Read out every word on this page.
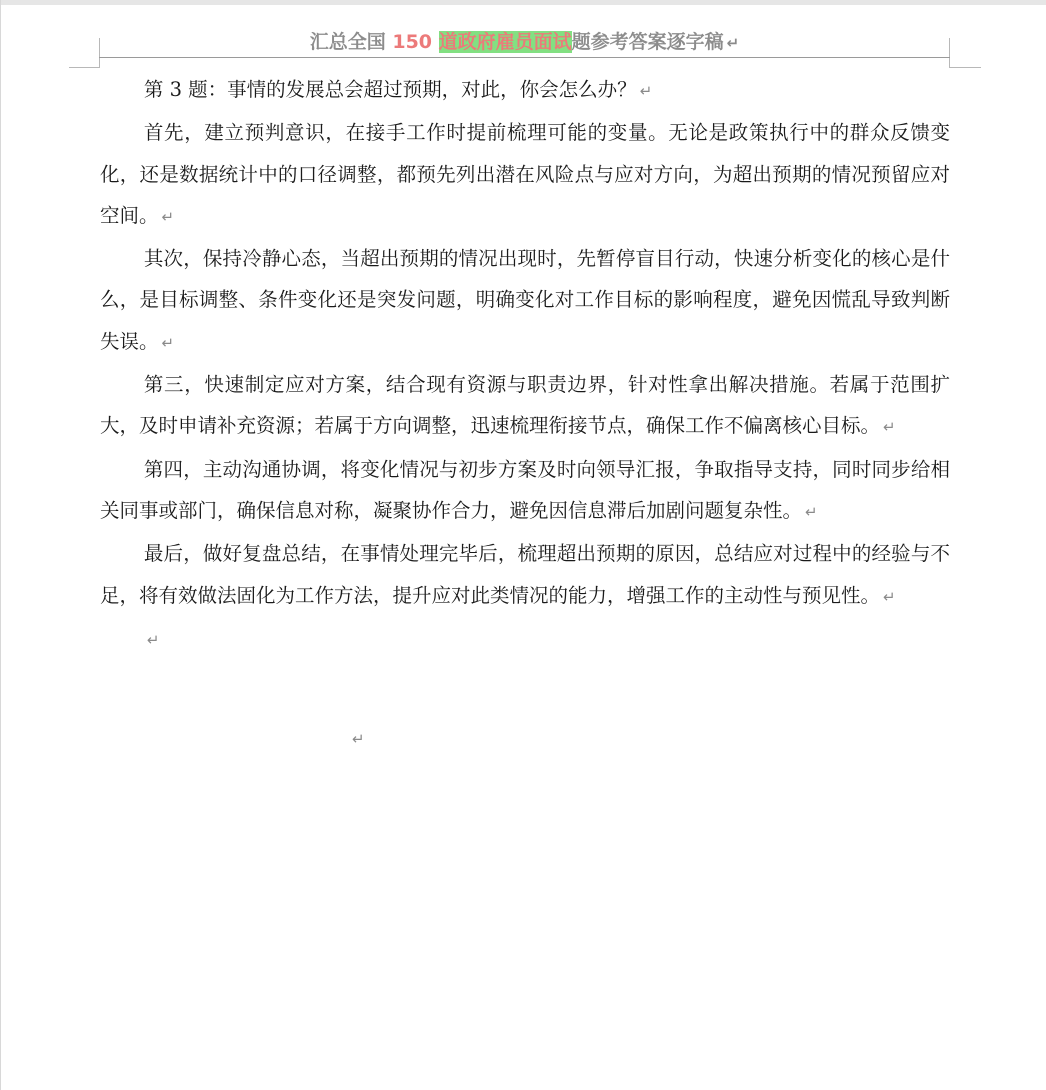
汇总全国 150 道政府雇员面试题参考答案逐字稿 ↵

第 3 题：事情的发展总会超过预期，对此，你会怎么办？ ↵

首先，建立预判意识，在接手工作时提前梳理可能的变量。无论是政策执行中的群众反馈变化，还是数据统计中的口径调整，都预先列出潜在风险点与应对方向，为超出预期的情况预留应对空间。 ↵

其次，保持冷静心态，当超出预期的情况出现时，先暂停盲目行动，快速分析变化的核心是什么，是目标调整、条件变化还是突发问题，明确变化对工作目标的影响程度，避免因慌乱导致判断失误。 ↵

第三，快速制定应对方案，结合现有资源与职责边界，针对性拿出解决措施。若属于范围扩大，及时申请补充资源；若属于方向调整，迅速梳理衔接节点，确保工作不偏离核心目标。 ↵

第四，主动沟通协调，将变化情况与初步方案及时向领导汇报，争取指导支持，同时同步给相关同事或部门，确保信息对称，凝聚协作合力，避免因信息滞后加剧问题复杂性。 ↵

最后，做好复盘总结，在事情处理完毕后，梳理超出预期的原因，总结应对过程中的经验与不足，将有效做法固化为工作方法，提升应对此类情况的能力，增强工作的主动性与预见性。 ↵

↵

↵
